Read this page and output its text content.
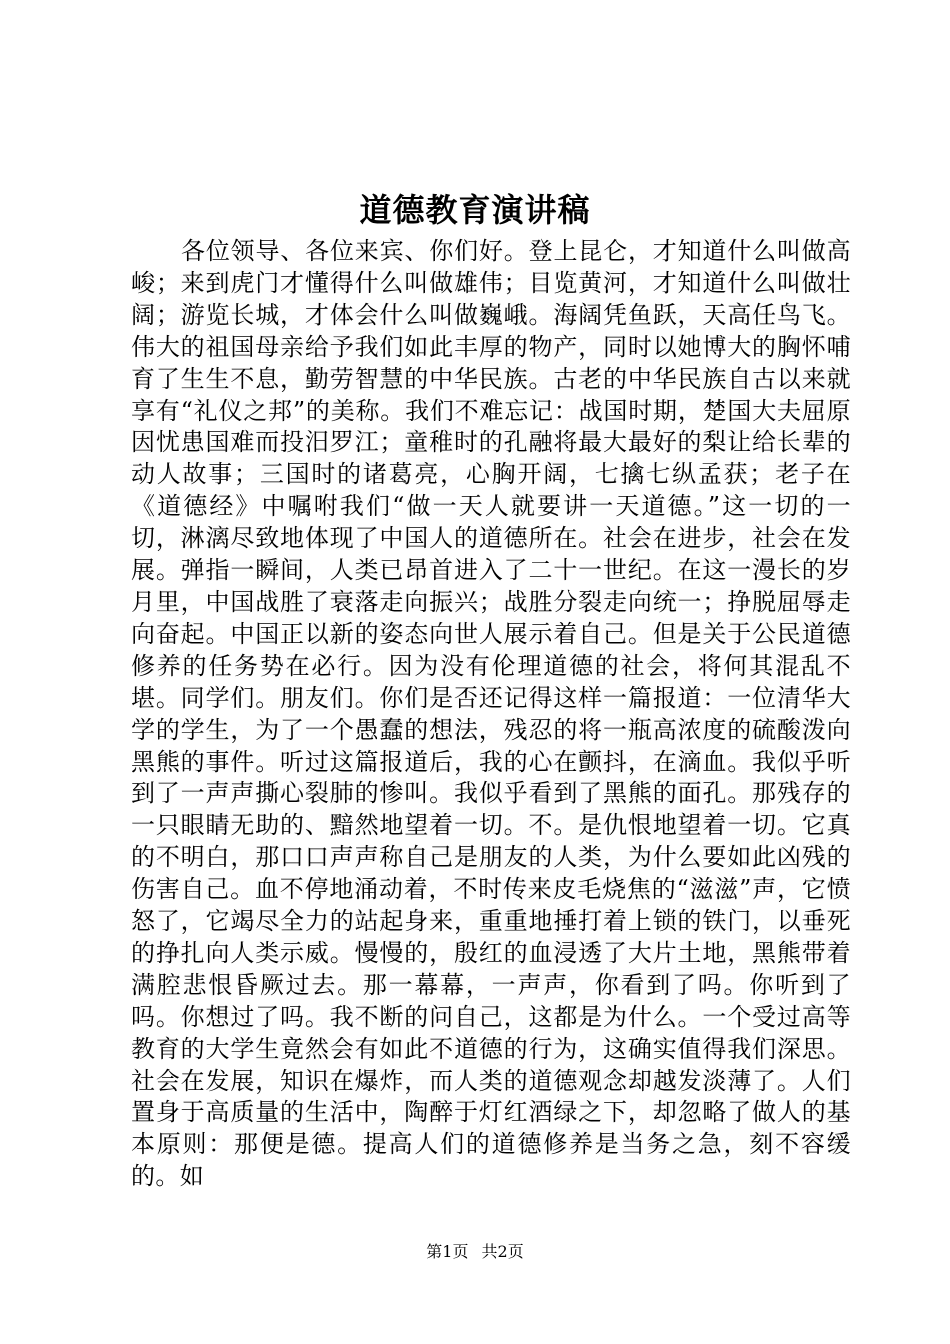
道德教育演讲稿

各位领导、各位来宾、你们好。登上昆仑，才知道什么叫做高峻；来到虎门才懂得什么叫做雄伟；目览黄河，才知道什么叫做壮阔；游览长城，才体会什么叫做巍峨。海阔凭鱼跃，天高任鸟飞。伟大的祖国母亲给予我们如此丰厚的物产，同时以她博大的胸怀哺育了生生不息，勤劳智慧的中华民族。古老的中华民族自古以来就享有“礼仪之邦”的美称。我们不难忘记：战国时期，楚国大夫屈原因忧患国难而投汨罗江；童稚时的孔融将最大最好的梨让给长辈的动人故事；三国时的诸葛亮，心胸开阔，七擒七纵孟获；老子在《道德经》中嘱咐我们“做一天人就要讲一天道德。”这一切的一切，淋漓尽致地体现了中国人的道德所在。社会在进步，社会在发展。弹指一瞬间，人类已昂首进入了二十一世纪。在这一漫长的岁月里，中国战胜了衰落走向振兴；战胜分裂走向统一；挣脱屈辱走向奋起。中国正以新的姿态向世人展示着自己。但是关于公民道德修养的任务势在必行。因为没有伦理道德的社会，将何其混乱不堪。同学们。朋友们。你们是否还记得这样一篇报道：一位清华大学的学生，为了一个愚蠢的想法，残忍的将一瓶高浓度的硫酸泼向黑熊的事件。听过这篇报道后，我的心在颤抖，在滴血。我似乎听到了一声声撕心裂肺的惨叫。我似乎看到了黑熊的面孔。那残存的一只眼睛无助的、黯然地望着一切。不。是仇恨地望着一切。它真的不明白，那口口声声称自己是朋友的人类，为什么要如此凶残的伤害自己。血不停地涌动着，不时传来皮毛烧焦的“滋滋”声，它愤怒了，它竭尽全力的站起身来，重重地捶打着上锁的铁门，以垂死的挣扎向人类示威。慢慢的，殷红的血浸透了大片土地，黑熊带着满腔悲恨昏厥过去。那一幕幕，一声声，你看到了吗。你听到了吗。你想过了吗。我不断的问自己，这都是为什么。一个受过高等教育的大学生竟然会有如此不道德的行为，这确实值得我们深思。社会在发展，知识在爆炸，而人类的道德观念却越发淡薄了。人们置身于高质量的生活中，陶醉于灯红酒绿之下，却忽略了做人的基本原则：那便是德。提高人们的道德修养是当务之急，刻不容缓的。如

第1页 共2页
